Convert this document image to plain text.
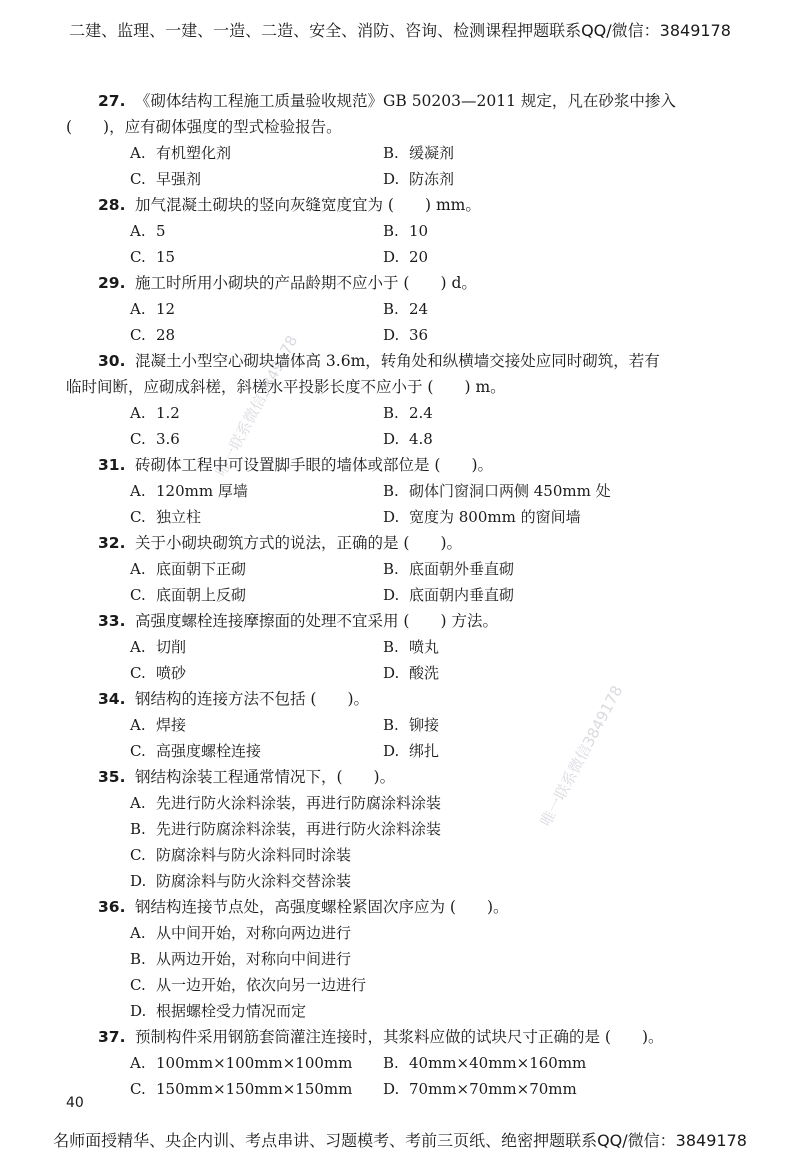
二建、监理、一建、一造、二造、安全、消防、咨询、检测课程押题联系QQ/微信：3849178
唯一联系微信3849178
唯一联系微信3849178
27. 《砌体结构工程施工质量验收规范》GB 50203—2011 规定，凡在砂浆中掺入
(　　)，应有砌体强度的型式检验报告。
A. 有机塑化剂	B. 缓凝剂
C. 早强剂	D. 防冻剂
28. 加气混凝土砌块的竖向灰缝宽度宜为 (　　) mm。
A. 5	B. 10
C. 15	D. 20
29. 施工时所用小砌块的产品龄期不应小于 (　　) d。
A. 12	B. 24
C. 28	D. 36
30. 混凝土小型空心砌块墙体高 3.6m，转角处和纵横墙交接处应同时砌筑，若有
临时间断，应砌成斜槎，斜槎水平投影长度不应小于 (　　) m。
A. 1.2	B. 2.4
C. 3.6	D. 4.8
31. 砖砌体工程中可设置脚手眼的墙体或部位是 (　　)。
A. 120mm 厚墙	B. 砌体门窗洞口两侧 450mm 处
C. 独立柱	D. 宽度为 800mm 的窗间墙
32. 关于小砌块砌筑方式的说法，正确的是 (　　)。
A. 底面朝下正砌	B. 底面朝外垂直砌
C. 底面朝上反砌	D. 底面朝内垂直砌
33. 高强度螺栓连接摩擦面的处理不宜采用 (　　) 方法。
A. 切削	B. 喷丸
C. 喷砂	D. 酸洗
34. 钢结构的连接方法不包括 (　　)。
A. 焊接	B. 铆接
C. 高强度螺栓连接	D. 绑扎
35. 钢结构涂装工程通常情况下，(　　)。
A. 先进行防火涂料涂装，再进行防腐涂料涂装
B. 先进行防腐涂料涂装，再进行防火涂料涂装
C. 防腐涂料与防火涂料同时涂装
D. 防腐涂料与防火涂料交替涂装
36. 钢结构连接节点处，高强度螺栓紧固次序应为 (　　)。
A. 从中间开始，对称向两边进行
B. 从两边开始，对称向中间进行
C. 从一边开始，依次向另一边进行
D. 根据螺栓受力情况而定
37. 预制构件采用钢筋套筒灌注连接时，其浆料应做的试块尺寸正确的是 (　　)。
A. 100mm×100mm×100mm B. 40mm×40mm×160mm
C. 150mm×150mm×150mm D. 70mm×70mm×70mm
40
名师面授精华、央企内训、考点串讲、习题模考、考前三页纸、绝密押题联系QQ/微信：3849178
